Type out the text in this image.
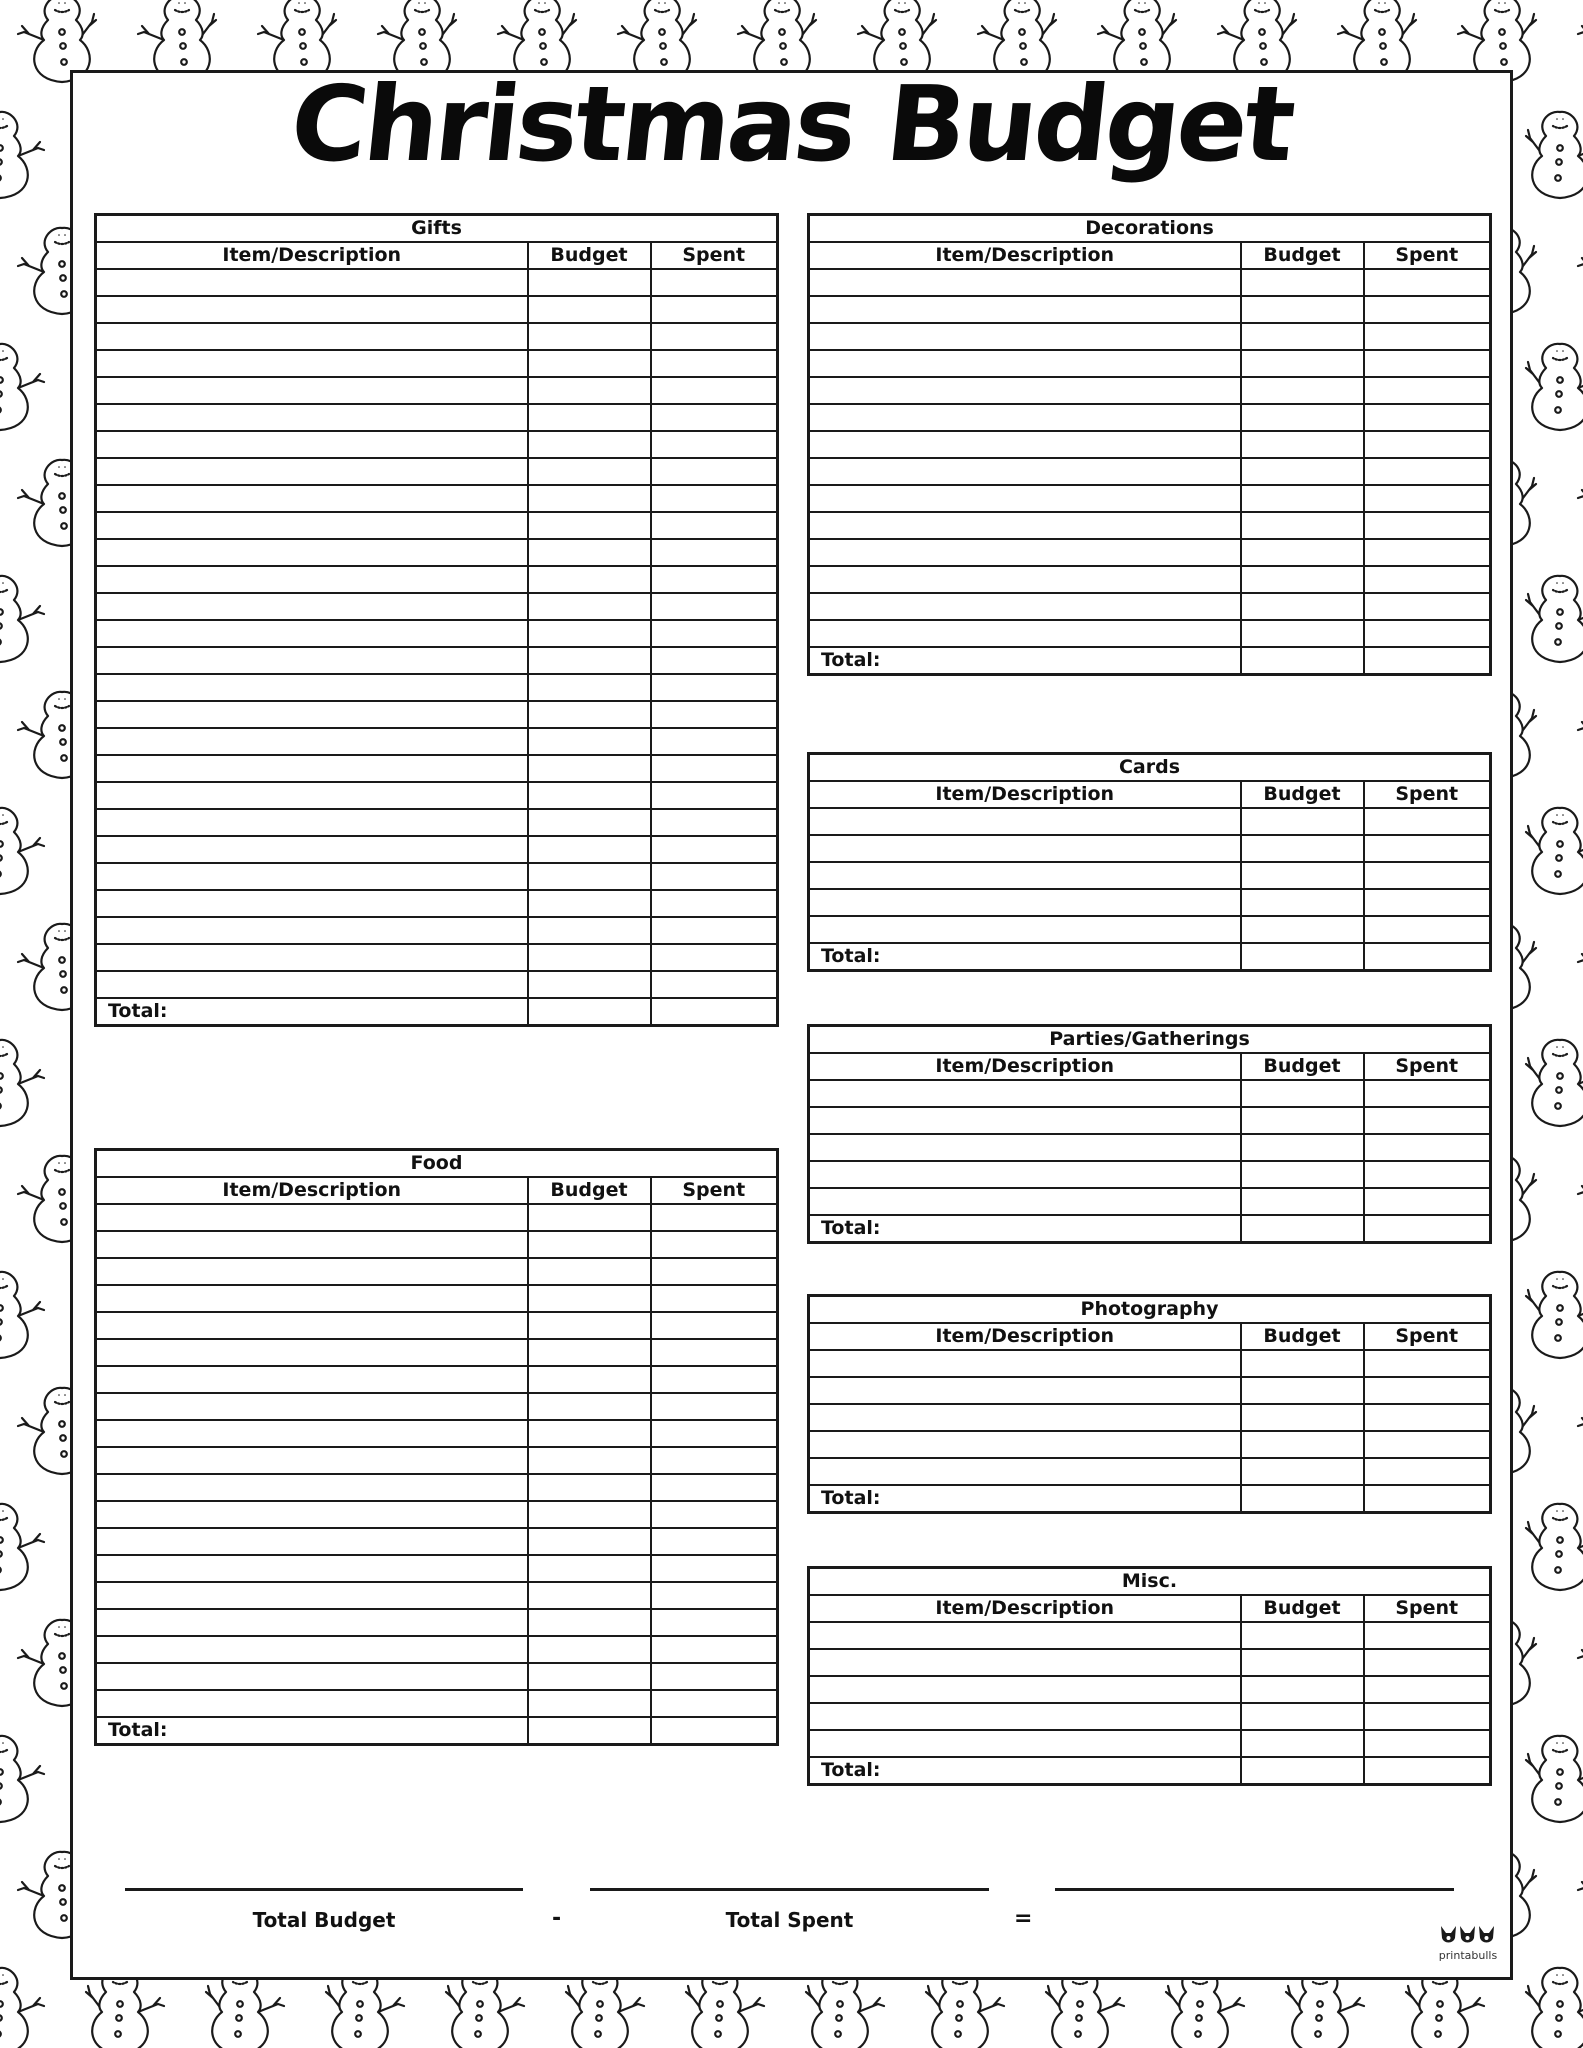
Christmas Budget
Gifts		
Item/Description	Budget	Spent

Total:		
Food		
Item/Description	Budget	Spent

Total:		
Decorations		
Item/Description	Budget	Spent

Total:		
Cards		
Item/Description	Budget	Spent

Total:		
Parties/Gatherings		
Item/Description	Budget	Spent

Total:		
Photography		
Item/Description	Budget	Spent

Total:		
Misc.		
Item/Description	Budget	Spent

Total:		
Total Budget	-	Total Spent	=
printabulls
